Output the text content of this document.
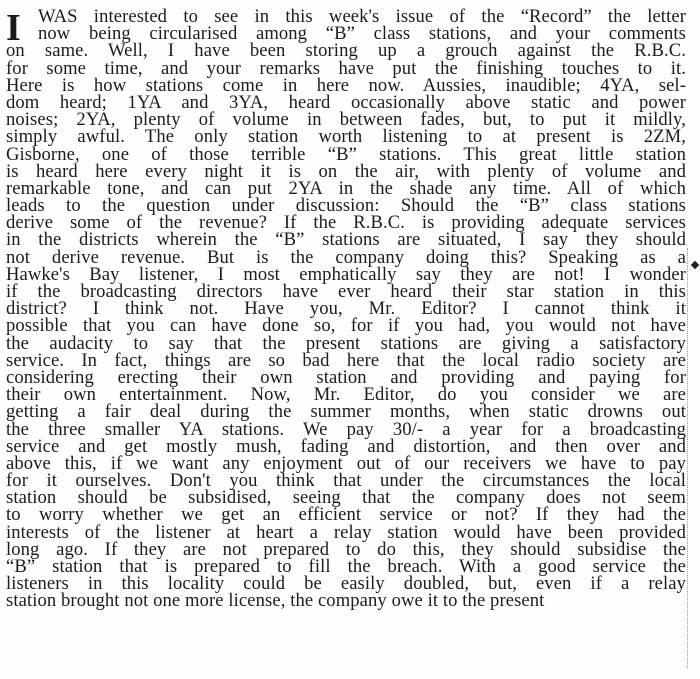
I WAS interested to see in this week's issue of the “Record” the letter
now being circularised among “B” class stations, and your comments
on same. Well, I have been storing up a grouch against the R.B.C.
for some time, and your remarks have put the finishing touches to it.
Here is how stations come in here now. Aussies, inaudible; 4YA, sel-
dom heard; 1YA and 3YA, heard occasionally above static and power
noises; 2YA, plenty of volume in between fades, but, to put it mildly,
simply awful. The only station worth listening to at present is 2ZM,
Gisborne, one of those terrible “B” stations. This great little station
is heard here every night it is on the air, with plenty of volume and
remarkable tone, and can put 2YA in the shade any time. All of which
leads to the question under discussion: Should the “B” class stations
derive some of the revenue? If the R.B.C. is providing adequate services
in the districts wherein the “B” stations are situated, I say they should
not derive revenue. But is the company doing this? Speaking as a
Hawke's Bay listener, I most emphatically say they are not! I wonder
if the broadcasting directors have ever heard their star station in this
district? I think not. Have you, Mr. Editor? I cannot think it
possible that you can have done so, for if you had, you would not have
the audacity to say that the present stations are giving a satisfactory
service. In fact, things are so bad here that the local radio society are
considering erecting their own station and providing and paying for
their own entertainment. Now, Mr. Editor, do you consider we are
getting a fair deal during the summer months, when static drowns out
the three smaller YA stations. We pay 30/- a year for a broadcasting
service and get mostly mush, fading and distortion, and then over and
above this, if we want any enjoyment out of our receivers we have to pay
for it ourselves. Don't you think that under the circumstances the local
station should be subsidised, seeing that the company does not seem
to worry whether we get an efficient service or not? If they had the
interests of the listener at heart a relay station would have been provided
long ago. If they are not prepared to do this, they should subsidise the
“B” station that is prepared to fill the breach. With a good service the
listeners in this locality could be easily doubled, but, even if a relay
station brought not one more license, the company owe it to the present
